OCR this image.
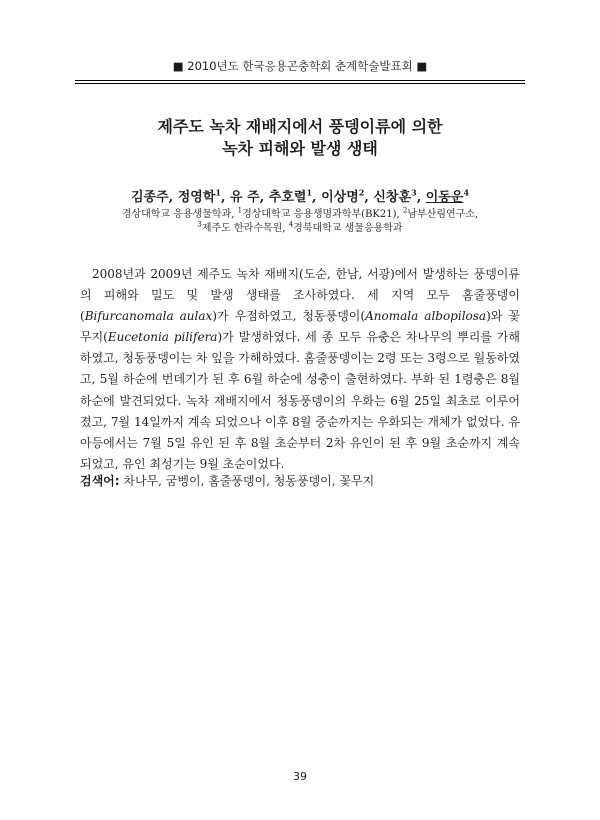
■ 2010년도 한국응용곤충학회 춘계학술발표회 ■
제주도 녹차 재배지에서 풍뎅이류에 의한
녹차 피해와 발생 생태
김종주, 정영학$^1$, 유 주, 추호렬$^1$, 이상명$^2$, 신창훈$^3$, 이동운$^4$
경상대학교 응용생물학과, $^1$경상대학교 응용생명과학부(BK21), $^2$남부산림연구소,
$^3$제주도 한라수목원, $^4$경북대학교 생물응용학과

2008년과 2009년 제주도 녹차 재배지(도순, 한남, 서광)에서 발생하는 풍뎅이류의 피해와 밀도 및 발생 생태를 조사하였다. 세 지역 모두 홈줄풍뎅이(Bifurcanomala aulax)가 우점하였고, 청동풍뎅이(Anomala albopilosa)와 꽃무지(Eucetonia pilifera)가 발생하였다. 세 종 모두 유충은 차나무의 뿌리를 가해하였고, 청동풍뎅이는 차 잎을 가해하였다. 홈줄풍뎅이는 2령 또는 3령으로 월동하였고, 5월 하순에 번데기가 된 후 6월 하순에 성충이 출현하였다. 부화 된 1령충은 8월 하순에 발견되었다. 녹차 재배지에서 청동풍뎅이의 우화는 6월 25일 최초로 이루어졌고, 7월 14일까지 계속 되었으나 이후 8월 중순까지는 우화되는 개체가 없었다. 유아등에서는 7월 5일 유인 된 후 8월 초순부터 2차 유인이 된 후 9월 초순까지 계속 되었고, 유인 최성기는 9월 초순이었다.

검색어: 차나무, 굼벵이, 홈줄풍뎅이, 청동풍뎅이, 꽃무지
39
